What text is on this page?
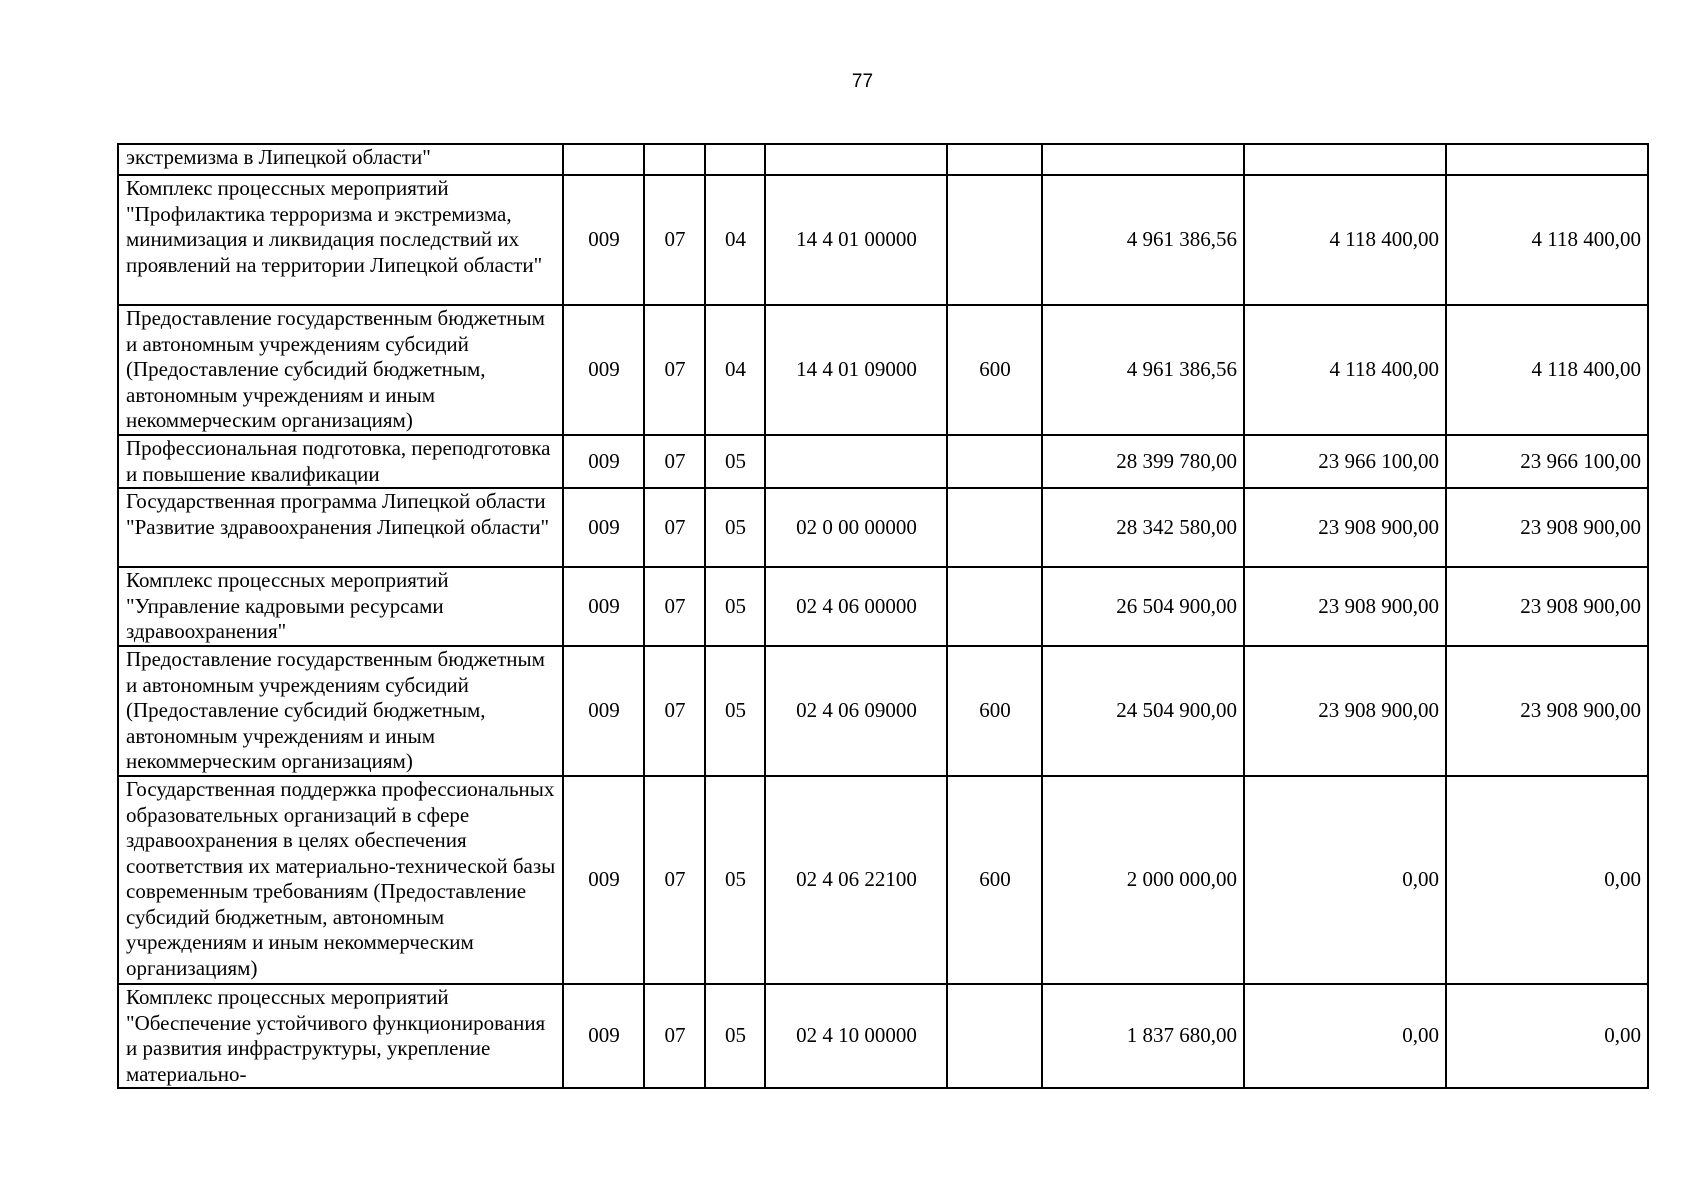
77
экстремизма в Липецкой области"								
Комплекс процессных мероприятий "Профилактика терроризма и экстремизма, минимизация и ликвидация последствий их проявлений на территории Липецкой области"	009	07	04	14 4 01 00000		4 961 386,56	4 118 400,00	4 118 400,00
Предоставление государственным бюджетным и автономным учреждениям субсидий (Предоставление субсидий бюджетным, автономным учреждениям и иным некоммерческим организациям)	009	07	04	14 4 01 09000	600	4 961 386,56	4 118 400,00	4 118 400,00
Профессиональная подготовка, переподготовка и повышение квалификации	009	07	05			28 399 780,00	23 966 100,00	23 966 100,00
Государственная программа Липецкой области "Развитие здравоохранения Липецкой области"	009	07	05	02 0 00 00000		28 342 580,00	23 908 900,00	23 908 900,00
Комплекс процессных мероприятий "Управление кадровыми ресурсами здравоохранения"	009	07	05	02 4 06 00000		26 504 900,00	23 908 900,00	23 908 900,00
Предоставление государственным бюджетным и автономным учреждениям субсидий (Предоставление субсидий бюджетным, автономным учреждениям и иным некоммерческим организациям)	009	07	05	02 4 06 09000	600	24 504 900,00	23 908 900,00	23 908 900,00
Государственная поддержка профессиональных образовательных организаций в сфере здравоохранения в целях обеспечения соответствия их материально-технической базы современным требованиям (Предоставление субсидий бюджетным, автономным учреждениям и иным некоммерческим организациям)	009	07	05	02 4 06 22100	600	2 000 000,00	0,00	0,00
Комплекс процессных мероприятий "Обеспечение устойчивого функционирования и развития инфраструктуры, укрепление материально-	009	07	05	02 4 10 00000		1 837 680,00	0,00	0,00
